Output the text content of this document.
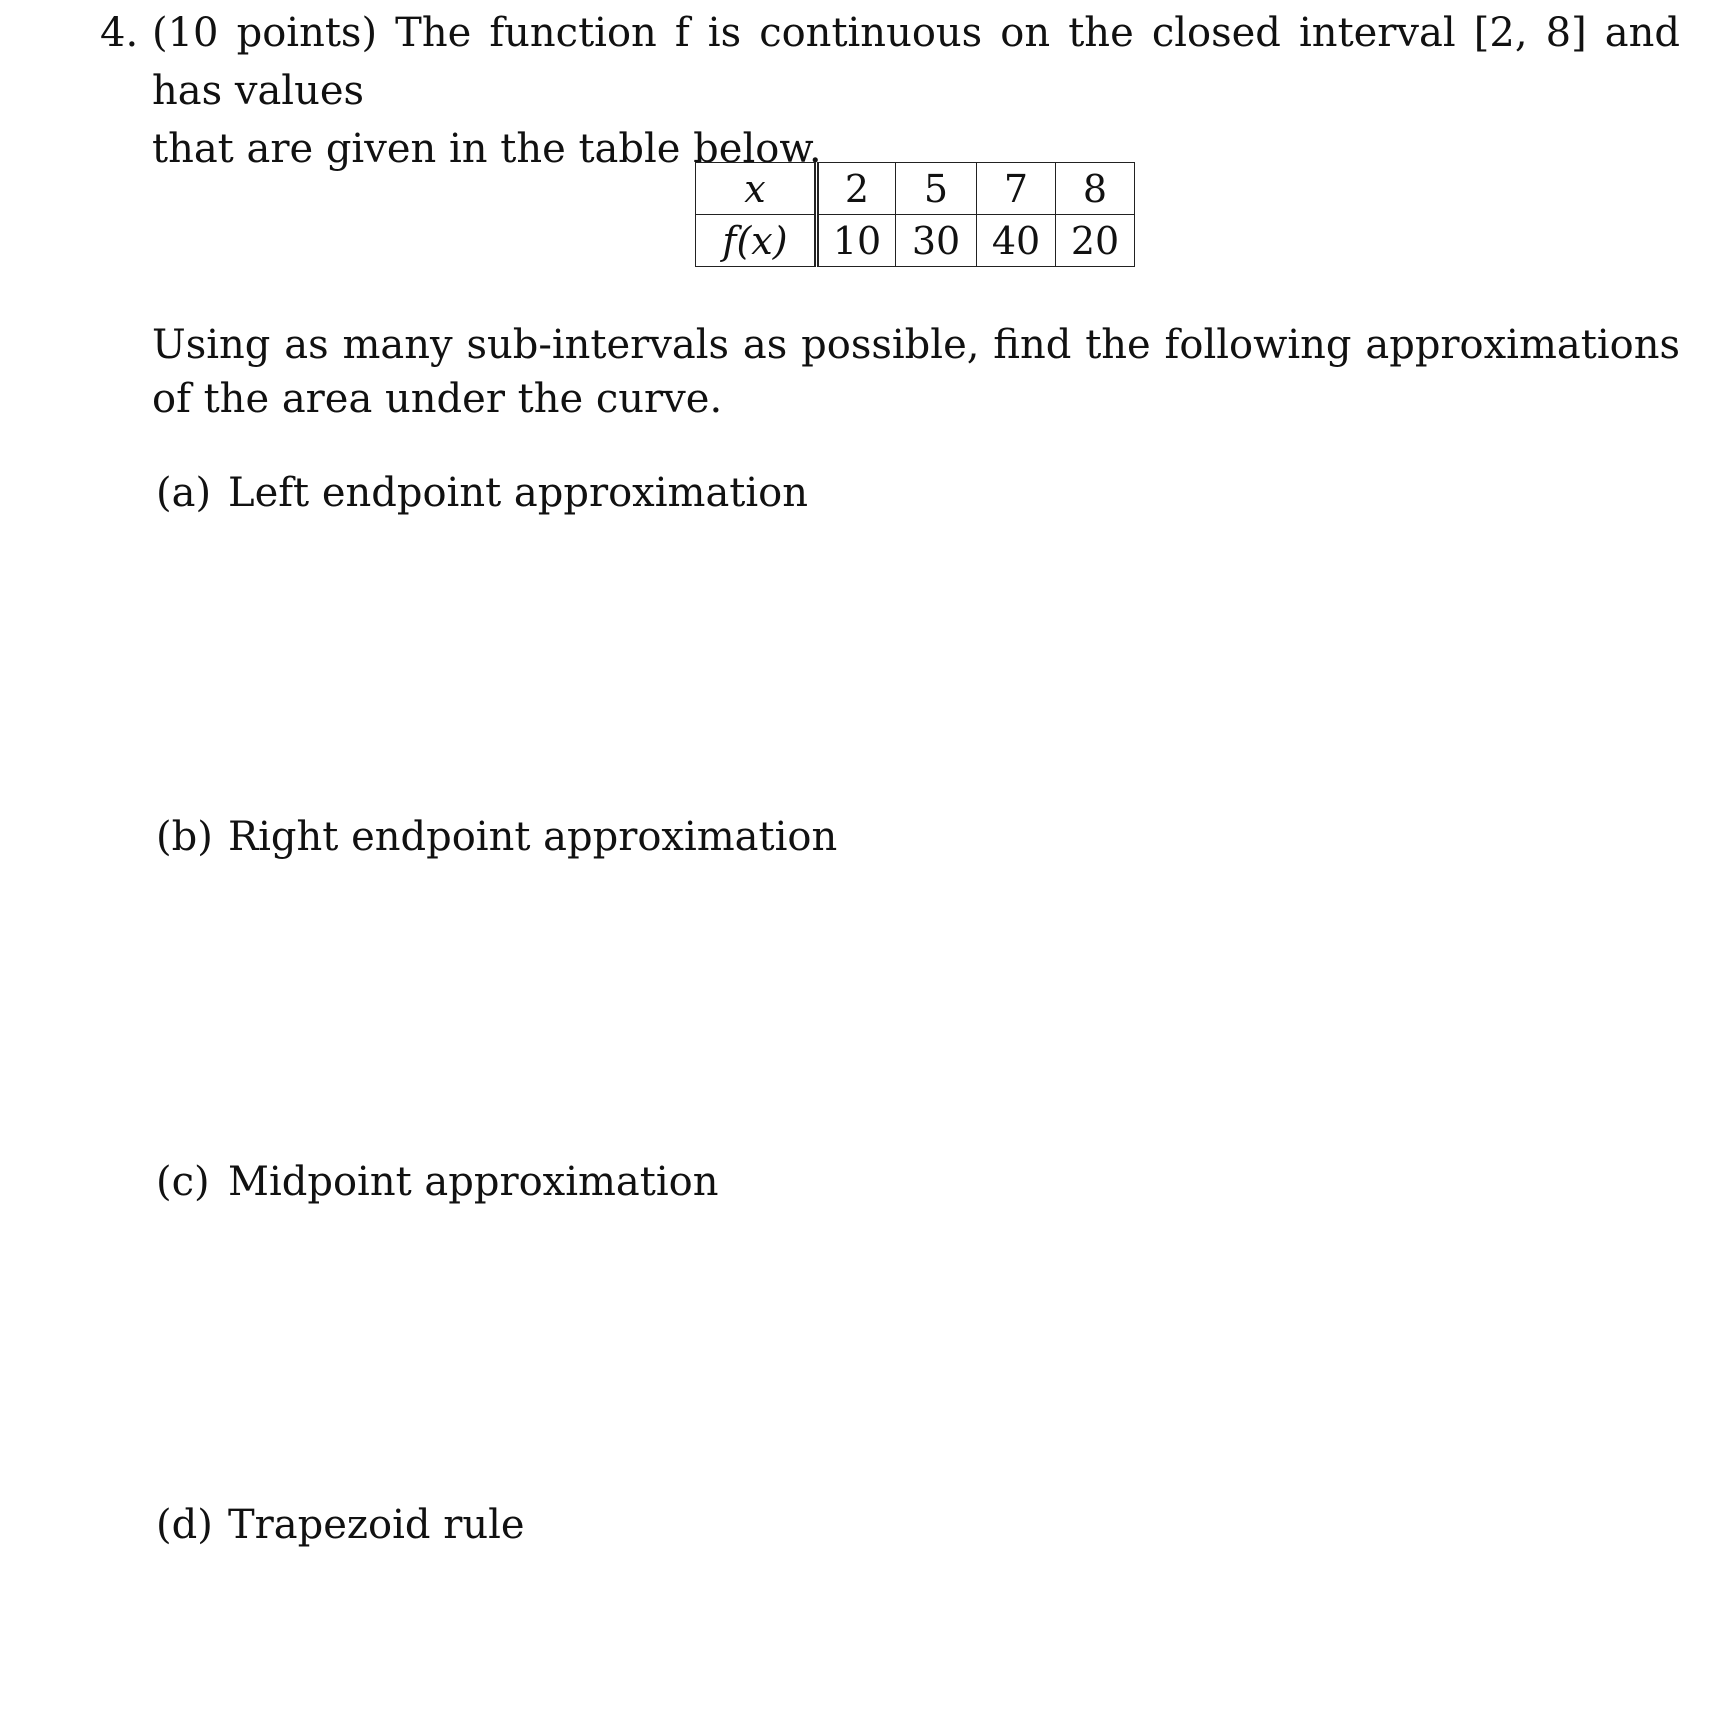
4. (10 points) The function f is continuous on the closed interval [2, 8] and has values
that are given in the table below.

x	2	5	7	8
f(x)	10	30	40	20

Using as many sub-intervals as possible, find the following approximations of the area under the curve.

(a) Left endpoint approximation

(b) Right endpoint approximation

(c) Midpoint approximation

(d) Trapezoid rule
